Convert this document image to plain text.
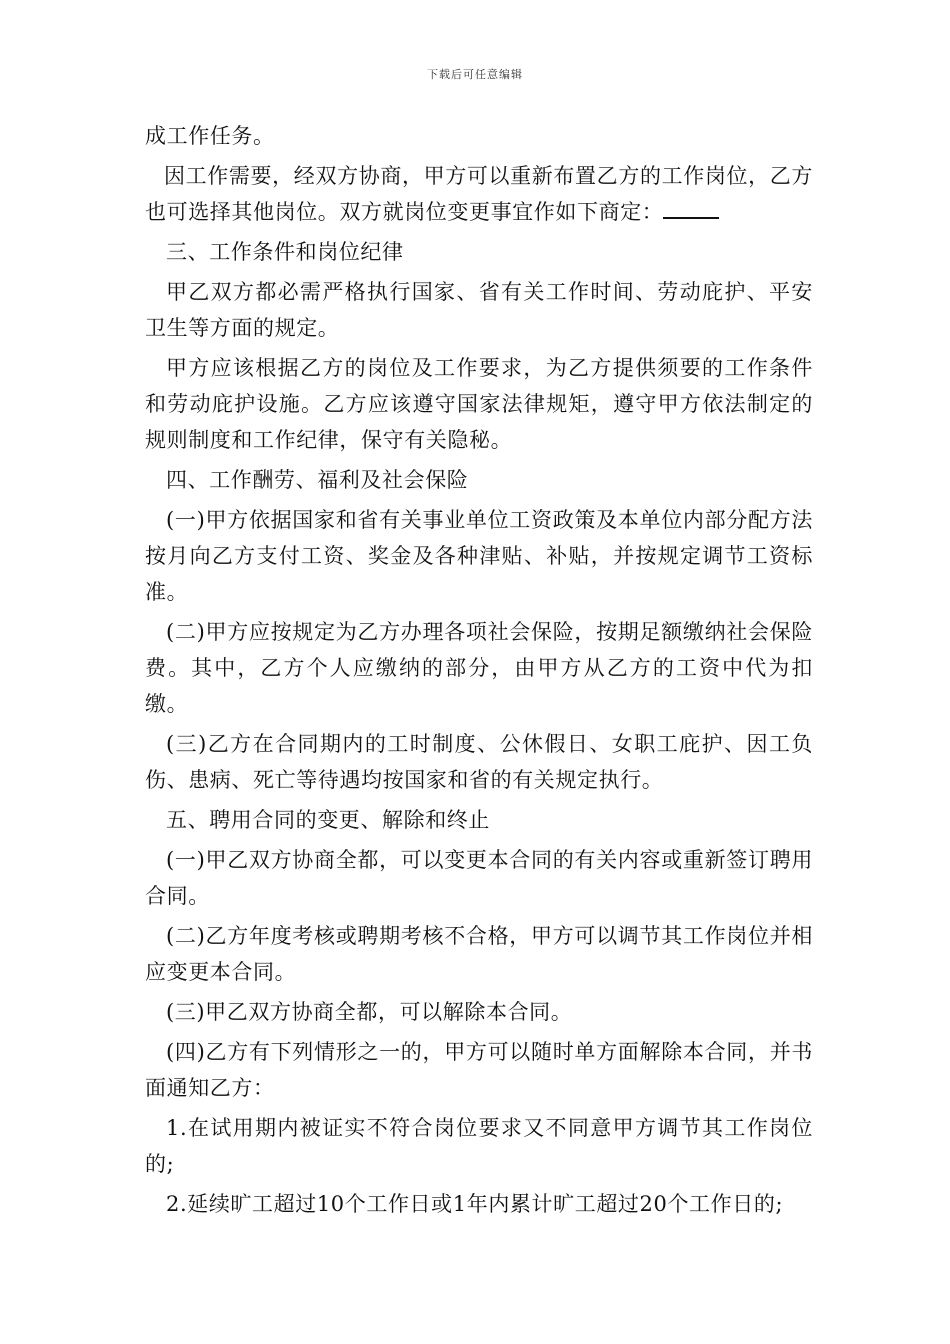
下载后可任意编辑

成工作任务。

因工作需要，经双方协商，甲方可以重新布置乙方的工作岗位，乙方也可选择其他岗位。双方就岗位变更事宜作如下商定：

三、工作条件和岗位纪律

甲乙双方都必需严格执行国家、省有关工作时间、劳动庇护、平安卫生等方面的规定。

甲方应该根据乙方的岗位及工作要求，为乙方提供须要的工作条件和劳动庇护设施。乙方应该遵守国家法律规矩，遵守甲方依法制定的规则制度和工作纪律，保守有关隐秘。

四、工作酬劳、福利及社会保险

(一)甲方依据国家和省有关事业单位工资政策及本单位内部分配方法按月向乙方支付工资、奖金及各种津贴、补贴，并按规定调节工资标准。

(二)甲方应按规定为乙方办理各项社会保险，按期足额缴纳社会保险费。其中，乙方个人应缴纳的部分，由甲方从乙方的工资中代为扣缴。

(三)乙方在合同期内的工时制度、公休假日、女职工庇护、因工负伤、患病、死亡等待遇均按国家和省的有关规定执行。

五、聘用合同的变更、解除和终止

(一)甲乙双方协商全都，可以变更本合同的有关内容或重新签订聘用合同。

(二)乙方年度考核或聘期考核不合格，甲方可以调节其工作岗位并相应变更本合同。

(三)甲乙双方协商全都，可以解除本合同。

(四)乙方有下列情形之一的，甲方可以随时单方面解除本合同，并书面通知乙方：

1.在试用期内被证实不符合岗位要求又不同意甲方调节其工作岗位的;

2.延续旷工超过10个工作日或1年内累计旷工超过20个工作日的;
